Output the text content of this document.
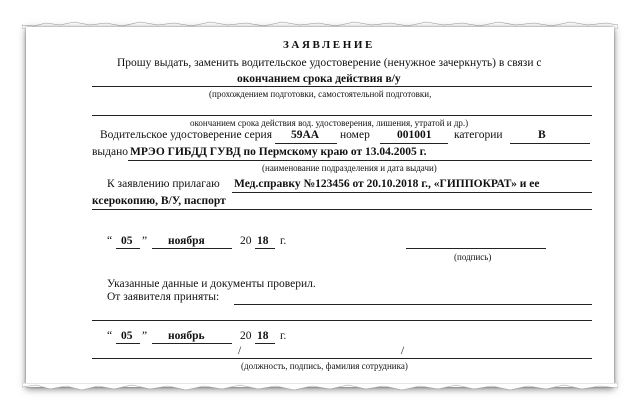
ЗАЯВЛЕНИЕ
Прошу выдать, заменить водительское удостоверение (ненужное зачеркнуть) в связи с
окончанием срока действия в/у
(прохождением подготовки, самостоятельной подготовки,
окончанием срока действия вод. удостоверения, лишения, утратой и др.)
Водительское удостоверение серия 59АА номер 001001 категории	В
выдано МРЭО ГИБДД ГУВД по Пермскому краю от 13.04.2005 г.
(наименование подразделения и дата выдачи)
К заявлению прилагаю Мед.справку №123456 от 20.10.2018 г., «ГИППОКРАТ» и ее
ксерокопию, В/У, паспорт
“ 05 ” ноября	20 18 г.
(подпись)
Указанные данные и документы проверил.
От заявителя приняты:
“ 05 ” ноябрь	20 18 г.
/	/
(должность, подпись, фамилия сотрудника)
